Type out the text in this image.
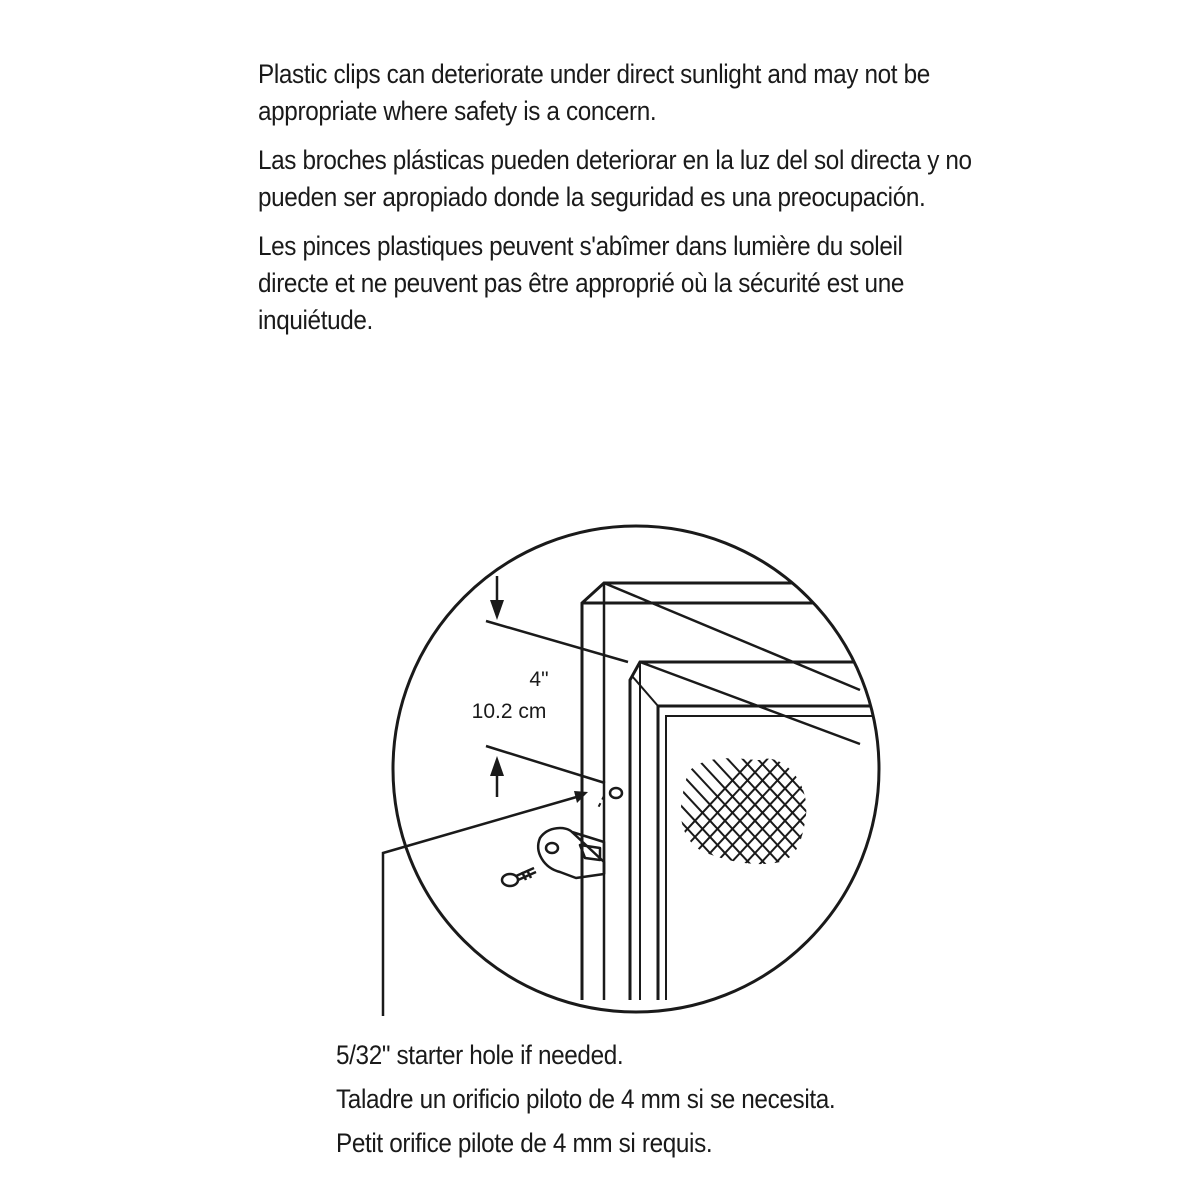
Plastic clips can deteriorate under direct sunlight and may not be appropriate where safety is a concern.

Las broches plásticas pueden deteriorar en la luz del sol directa y no pueden ser apropiado donde la seguridad es una preocupación.

Les pinces plastiques peuvent s'abîmer dans lumière du soleil directe et ne peuvent pas être approprié où la sécurité est une inquiétude.

4"
10.2 cm

5/32" starter hole if needed.

Taladre un orificio piloto de 4 mm si se necesita.

Petit orifice pilote de 4 mm si requis.
